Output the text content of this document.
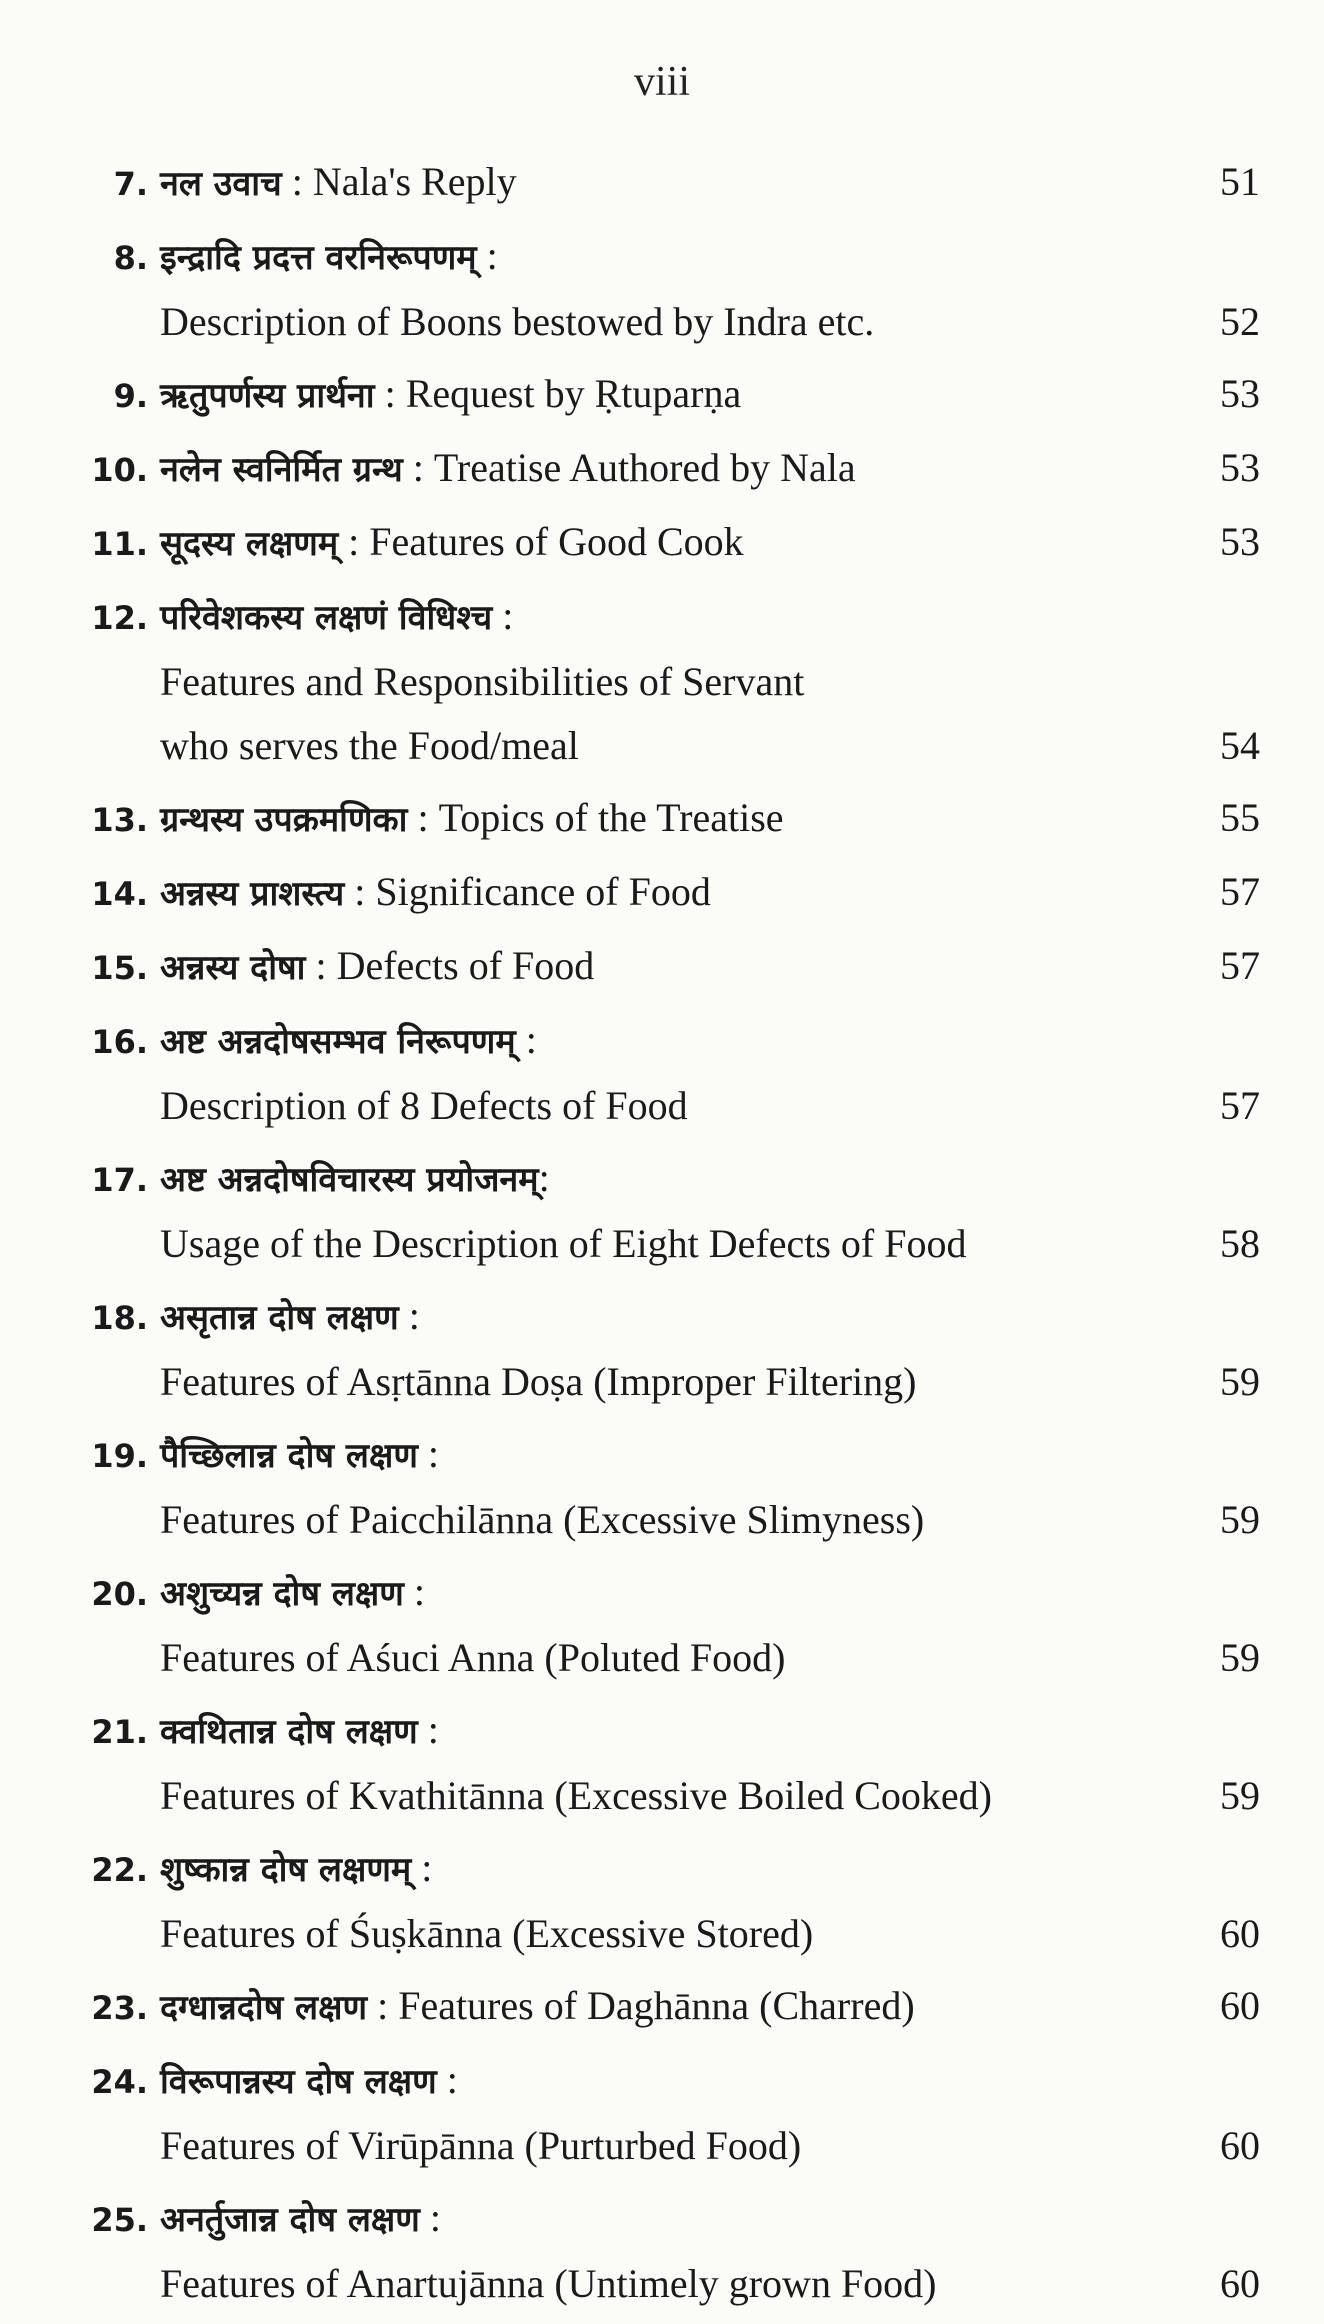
viii
7. नल उवाच : Nala's Reply	51
8. इन्द्रादि प्रदत्त वरनिरूपणम् :
Description of Boons bestowed by Indra etc.	52
9. ऋतुपर्णस्य प्रार्थना : Request by Ṛtuparṇa	53
10. नलेन स्वनिर्मित ग्रन्थ : Treatise Authored by Nala	53
11. सूदस्य लक्षणम् : Features of Good Cook	53
12. परिवेशकस्य लक्षणं विधिश्च :
Features and Responsibilities of Servant
who serves the Food/meal	54
13. ग्रन्थस्य उपक्रमणिका : Topics of the Treatise	55
14. अन्नस्य प्राशस्त्य : Significance of Food	57
15. अन्नस्य दोषा : Defects of Food	57
16. अष्ट अन्नदोषसम्भव निरूपणम् :
Description of 8 Defects of Food	57
17. अष्ट अन्नदोषविचारस्य प्रयोजनम्:
Usage of the Description of Eight Defects of Food	58
18. असृतान्न दोष लक्षण :
Features of Asṛtānna Doṣa (Improper Filtering)	59
19. पैच्छिलान्न दोष लक्षण :
Features of Paicchilānna (Excessive Slimyness)	59
20. अशुच्यन्न दोष लक्षण :
Features of Aśuci Anna (Poluted Food)	59
21. क्वथितान्न दोष लक्षण :
Features of Kvathitānna (Excessive Boiled Cooked)	59
22. शुष्कान्न दोष लक्षणम् :
Features of Śuṣkānna (Excessive Stored)	60
23. दग्धान्नदोष लक्षण : Features of Daghānna (Charred)	60
24. विरूपान्नस्य दोष लक्षण :
Features of Virūpānna (Purturbed Food)	60
25. अनर्तुजान्न दोष लक्षण :
Features of Anartujānna (Untimely grown Food)	60
